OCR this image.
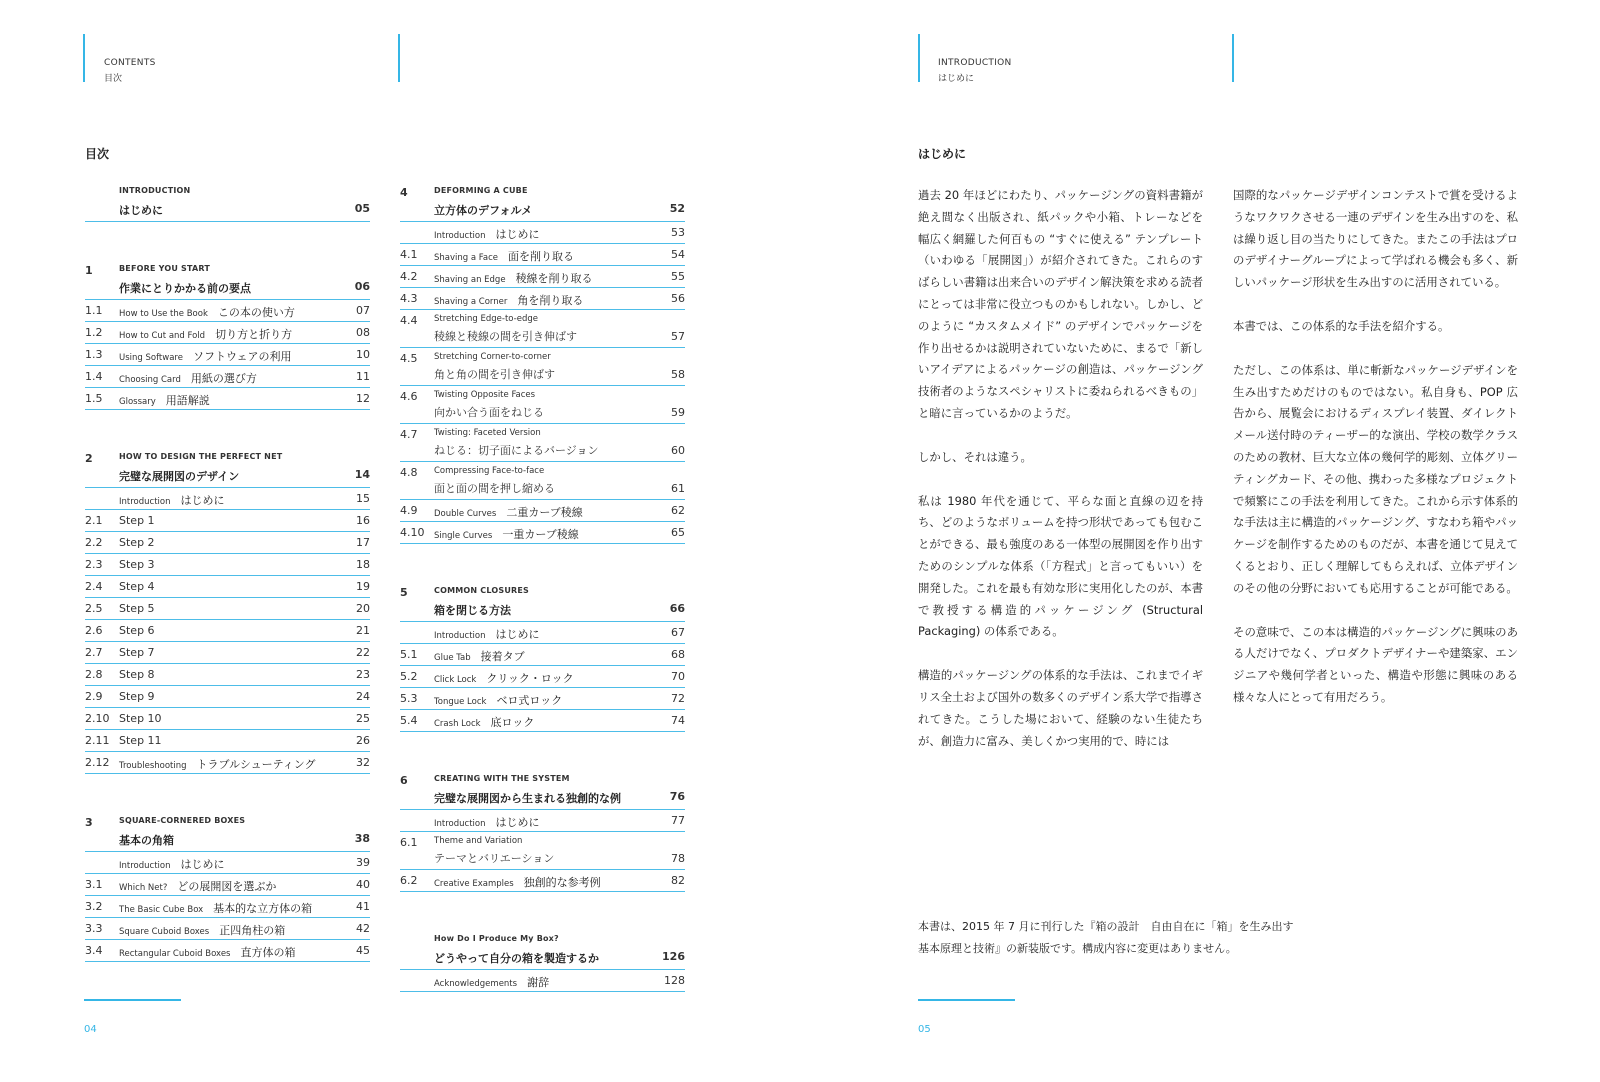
CONTENTS
目次
目次
INTRODUCTION
はじめに	05
1	BEFORE YOU START
作業にとりかかる前の要点	06
1.1 How to Use the Book この本の使い方	07
1.2 How to Cut and Fold 切り方と折り方	08
1.3 Using Software ソフトウェアの利用	10
1.4 Choosing Card 用紙の選び方	11
1.5 Glossary 用語解説	12
2	HOW TO DESIGN THE PERFECT NET
完璧な展開図のデザイン	14
Introduction はじめに	15
2.1 Step 1	16
2.2 Step 2	17
2.3 Step 3	18
2.4 Step 4	19
2.5 Step 5	20
2.6 Step 6	21
2.7 Step 7	22
2.8 Step 8	23
2.9 Step 9	24
2.10 Step 10	25
2.11 Step 11	26
2.12 Troubleshooting トラブルシューティング	32
3	SQUARE-CORNERED BOXES
基本の角箱	38
Introduction はじめに	39
3.1 Which Net? どの展開図を選ぶか	40
3.2 The Basic Cube Box 基本的な立方体の箱	41
3.3 Square Cuboid Boxes 正四角柱の箱	42
3.4 Rectangular Cuboid Boxes 直方体の箱	45
4	DEFORMING A CUBE
立方体のデフォルメ	52
Introduction はじめに	53
4.1 Shaving a Face 面を削り取る	54
4.2 Shaving an Edge 稜線を削り取る	55
4.3 Shaving a Corner 角を削り取る	56
4.4 Stretching Edge-to-edge
稜線と稜線の間を引き伸ばす	57
4.5 Stretching Corner-to-corner
角と角の間を引き伸ばす	58
4.6 Twisting Opposite Faces
向かい合う面をねじる	59
4.7 Twisting: Faceted Version
ねじる：切子面によるバージョン	60
4.8 Compressing Face-to-face
面と面の間を押し縮める	61
4.9 Double Curves 二重カーブ稜線	62
4.10 Single Curves 一重カーブ稜線	65
5	COMMON CLOSURES
箱を閉じる方法	66
Introduction はじめに	67
5.1 Glue Tab 接着タブ	68
5.2 Click Lock クリック・ロック	70
5.3 Tongue Lock ベロ式ロック	72
5.4 Crash Lock 底ロック	74
6	CREATING WITH THE SYSTEM
完璧な展開図から生まれる独創的な例	76
Introduction はじめに	77
6.1 Theme and Variation
テーマとバリエーション	78
6.2 Creative Examples 独創的な参考例	82
How Do I Produce My Box?
どうやって自分の箱を製造するか	126
Acknowledgements 謝辞	128
04
INTRODUCTION
はじめに
はじめに

過去 20 年ほどにわたり、パッケージングの資料書籍が絶え間なく出版され、紙パックや小箱、トレーなどを幅広く網羅した何百もの “すぐに使える” テンプレート（いわゆる「展開図」）が紹介されてきた。これらのすばらしい書籍は出来合いのデザイン解決策を求める読者にとっては非常に役立つものかもしれない。しかし、どのように “カスタムメイド” のデザインでパッケージを作り出せるかは説明されていないために、まるで「新しいアイデアによるパッケージの創造は、パッケージング技術者のようなスペシャリストに委ねられるべきもの」と暗に言っているかのようだ。

しかし、それは違う。

私は 1980 年代を通じて、平らな面と直線の辺を持ち、どのようなボリュームを持つ形状であっても包むことができる、最も強度のある一体型の展開図を作り出すためのシンプルな体系（「方程式」と言ってもいい）を開発した。これを最も有効な形に実用化したのが、本書で教授する構造的パッケージング (Structural Packaging) の体系である。

構造的パッケージングの体系的な手法は、これまでイギリス全土および国外の数多くのデザイン系大学で指導されてきた。こうした場において、経験のない生徒たちが、創造力に富み、美しくかつ実用的で、時には

国際的なパッケージデザインコンテストで賞を受けるようなワクワクさせる一連のデザインを生み出すのを、私は繰り返し目の当たりにしてきた。またこの手法はプロのデザイナーグループによって学ばれる機会も多く、新しいパッケージ形状を生み出すのに活用されている。

本書では、この体系的な手法を紹介する。

ただし、この体系は、単に斬新なパッケージデザインを生み出すためだけのものではない。私自身も、POP 広告から、展覧会におけるディスプレイ装置、ダイレクトメール送付時のティーザー的な演出、学校の数学クラスのための教材、巨大な立体の幾何学的彫刻、立体グリーティングカード、その他、携わった多様なプロジェクトで頻繁にこの手法を利用してきた。これから示す体系的な手法は主に構造的パッケージング、すなわち箱やパッケージを制作するためのものだが、本書を通じて見えてくるとおり、正しく理解してもらえれば、立体デザインのその他の分野においても応用することが可能である。

その意味で、この本は構造的パッケージングに興味のある人だけでなく、プロダクトデザイナーや建築家、エンジニアや幾何学者といった、構造や形態に興味のある様々な人にとって有用だろう。

本書は、2015 年 7 月に刊行した『箱の設計　自由自在に「箱」を生み出す
基本原理と技術』の新装版です。構成内容に変更はありません。
05
